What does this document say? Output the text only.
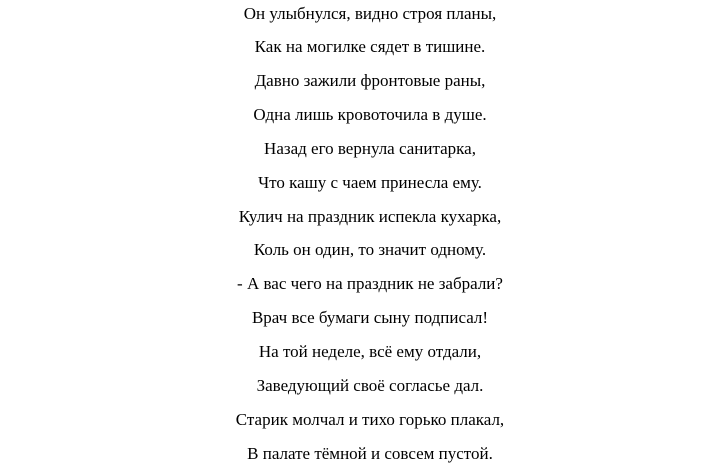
Он улыбнулся, видно строя планы,
Как на могилке сядет в тишине.
Давно зажили фронтовые раны,
Одна лишь кровоточила в душе.
Назад его вернула санитарка,
Что кашу с чаем принесла ему.
Кулич на праздник испекла кухарка,
Коль он один, то значит одному.
- А вас чего на праздник не забрали?
Врач все бумаги сыну подписал!
На той неделе, всё ему отдали,
Заведующий своё согласье дал.
Старик молчал и тихо горько плакал,
В палате тёмной и совсем пустой.
